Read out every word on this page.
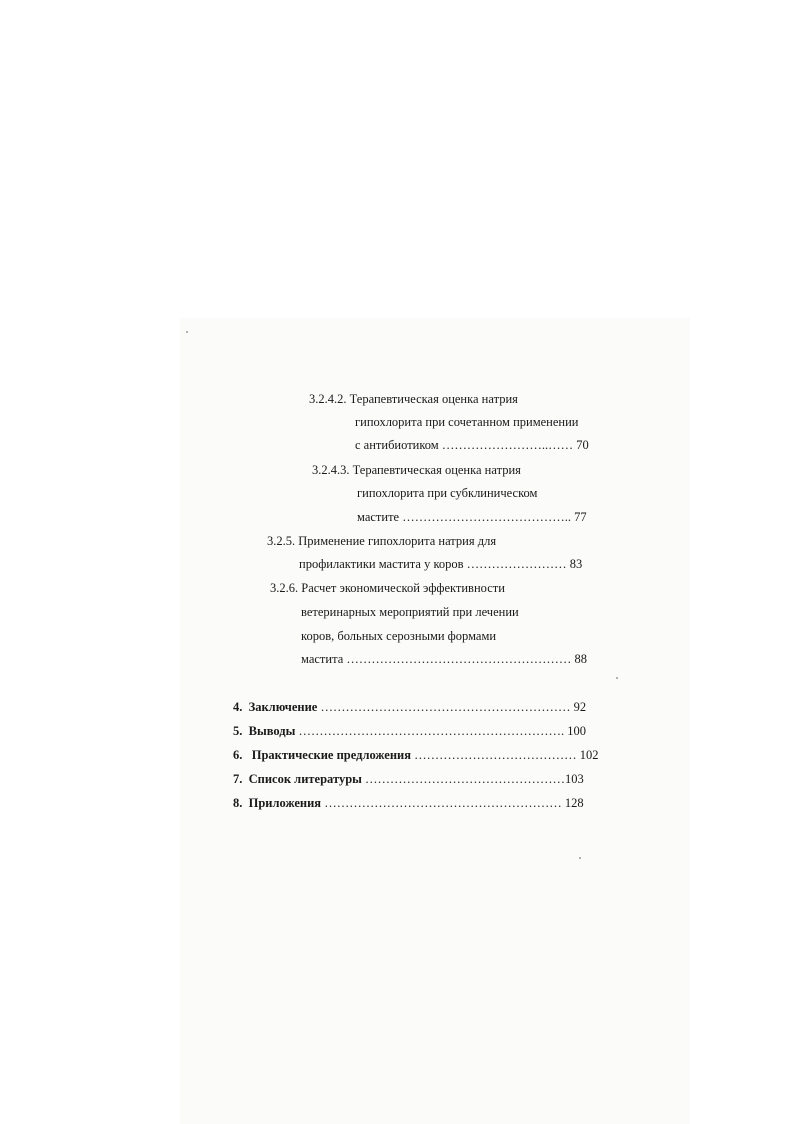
3.2.4.2. Терапевтическая оценка натрия
гипохлорита при сочетанном применении
с антибиотиком ……………………..…… 70
3.2.4.3. Терапевтическая оценка натрия
гипохлорита при субклиническом
мастите ………………………………….. 77
3.2.5. Применение гипохлорита натрия для
профилактики мастита у коров …………………… 83
3.2.6. Расчет экономической эффективности
ветеринарных мероприятий при лечении
коров, больных серозными формами
мастита ……………………………………………… 88
4. Заключение …………………………………………………… 92
5. Выводы ………………………………………………………. 100
6. Практические предложения ………………………………… 102
7. Список литературы …………………………………………103
8. Приложения ………………………………………………… 128
